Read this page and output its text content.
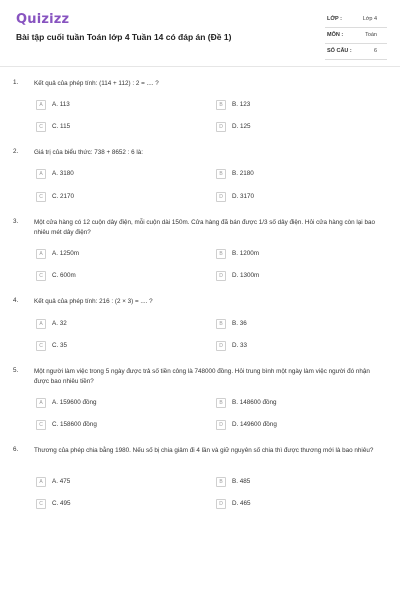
Quizizz
Bài tập cuối tuần Toán lớp 4 Tuần 14 có đáp án (Đề 1)
LỚP :	Lớp 4
MÔN :	Toán
SỐ CÂU :	6
1. Kết quả của phép tính: (114 + 112) : 2 = .... ?
A	A. 113	B	B. 123
C	C. 115	D	D. 125
2. Giá trị của biểu thức: 738 + 8652 : 6 là:
A	A. 3180	B	B. 2180
C	C. 2170	D	D. 3170
3. Một cửa hàng có 12 cuộn dây điện, mỗi cuộn dài 150m. Cửa hàng đã bán được 1/3 số dây điện. Hỏi cửa hàng còn lại bao nhiêu mét dây điện?
A	A. 1250m	B	B. 1200m
C	C. 600m	D	D. 1300m
4. Kết quả của phép tính: 216 : (2 × 3) = .... ?
A	A. 32	B	B. 36
C	C. 35	D	D. 33
5. Một người làm việc trong 5 ngày được trả số tiền công là 748000 đồng. Hỏi trung bình một ngày làm việc người đó nhận được bao nhiêu tiền?
A	A. 159600 đồng	B	B. 148600 đồng
C	C. 158600 đồng	D	D. 149600 đồng
6. Thương của phép chia bằng 1980. Nếu số bị chia giảm đi 4 lần và giữ nguyên số chia thì được thương mới là bao nhiêu?
A	A. 475	B	B. 485
C	C. 495	D	D. 465
